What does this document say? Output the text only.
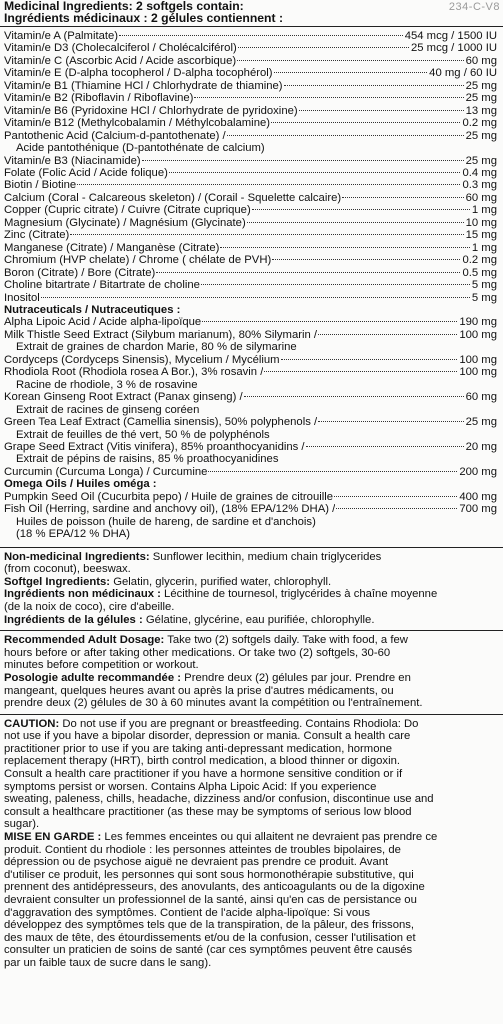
234-C-V8
Medicinal Ingredients: 2 softgels contain:
Ingrédients médicinaux : 2 gélules contiennent :
Vitamin/e A (Palmitate)	454 mcg / 1500 IU
Vitamin/e D3 (Cholecalciferol / Cholécalciférol)	25 mcg / 1000 IU
Vitamin/e C (Ascorbic Acid / Acide ascorbique)	60 mg
Vitamin/e E (D-alpha tocopherol / D-alpha tocophérol)	40 mg / 60 IU
Vitamin/e B1 (Thiamine HCl / Chlorhydrate de thiamine)	25 mg
Vitamin/e B2 (Riboflavin / Riboflavine)	25 mg
Vitamin/e B6 (Pyridoxine HCl / Chlorhydrate de pyridoxine)	13 mg
Vitamin/e B12 (Methylcobalamin / Méthylcobalamine)	0.2 mg
Pantothenic Acid (Calcium-d-pantothenate) /	25 mg
Acide pantothénique (D-pantothénate de calcium)
Vitamin/e B3 (Niacinamide)	25 mg
Folate (Folic Acid / Acide folique)	0.4 mg
Biotin / Biotine	0.3 mg
Calcium (Coral - Calcareous skeleton) / (Corail - Squelette calcaire)	60 mg
Copper (Cupric citrate) / Cuivre (Citrate cuprique)	1 mg
Magnesium (Glycinate) / Magnésium (Glycinate)	10 mg
Zinc (Citrate)	15 mg
Manganese (Citrate) / Manganèse (Citrate)	1 mg
Chromium (HVP chelate) / Chrome ( chélate de PVH)	0.2 mg
Boron (Citrate) / Bore (Citrate)	0.5 mg
Choline bitartrate / Bitartrate de choline	5 mg
Inositol	5 mg
Nutraceuticals / Nutraceutiques :
Alpha Lipoic Acid / Acide alpha-lipoïque	190 mg
Milk Thistle Seed Extract (Silybum marianum), 80% Silymarin /	100 mg
Extrait de graines de chardon Marie, 80 % de silymarine
Cordyceps (Cordyceps Sinensis), Mycelium / Mycélium	100 mg
Rhodiola Root (Rhodiola rosea A Bor.), 3% rosavin /	100 mg
Racine de rhodiole, 3 % de rosavine
Korean Ginseng Root Extract (Panax ginseng) /	60 mg
Extrait de racines de ginseng coréen
Green Tea Leaf Extract (Camellia sinensis), 50% polyphenols /	25 mg
Extrait de feuilles de thé vert, 50 % de polyphénols
Grape Seed Extract (Vitis vinifera), 85% proanthocyanidins /	20 mg
Extrait de pépins de raisins, 85 % proathocyanidines
Curcumin (Curcuma Longa) / Curcumine	200 mg
Omega Oils / Huiles oméga :
Pumpkin Seed Oil (Cucurbita pepo) / Huile de graines de citrouille	400 mg
Fish Oil (Herring, sardine and anchovy oil), (18% EPA/12% DHA) /	700 mg
Huiles de poisson (huile de hareng, de sardine et d'anchois)
(18 % EPA/12 % DHA)
Non-medicinal Ingredients: Sunflower lecithin, medium chain triglycerides
(from coconut), beeswax.
Softgel Ingredients: Gelatin, glycerin, purified water, chlorophyll.
Ingrédients non médicinaux : Lécithine de tournesol, triglycérides à chaîne moyenne
(de la noix de coco), cire d'abeille.
Ingrédients de la gélules : Gélatine, glycérine, eau purifiée, chlorophylle.
Recommended Adult Dosage: Take two (2) softgels daily. Take with food, a few
hours before or after taking other medications. Or take two (2) softgels, 30-60
minutes before competition or workout.
Posologie adulte recommandée : Prendre deux (2) gélules par jour. Prendre en
mangeant, quelques heures avant ou après la prise d'autres médicaments, ou
prendre deux (2) gélules de 30 à 60 minutes avant la compétition ou l'entraînement.
CAUTION: Do not use if you are pregnant or breastfeeding. Contains Rhodiola: Do
not use if you have a bipolar disorder, depression or mania. Consult a health care
practitioner prior to use if you are taking anti-depressant medication, hormone
replacement therapy (HRT), birth control medication, a blood thinner or digoxin.
Consult a health care practitioner if you have a hormone sensitive condition or if
symptoms persist or worsen. Contains Alpha Lipoic Acid: If you experience
sweating, paleness, chills, headache, dizziness and/or confusion, discontinue use and
consult a healthcare practitioner (as these may be symptoms of serious low blood
sugar).
MISE EN GARDE : Les femmes enceintes ou qui allaitent ne devraient pas prendre ce
produit. Contient du rhodiole : les personnes atteintes de troubles bipolaires, de
dépression ou de psychose aiguë ne devraient pas prendre ce produit. Avant
d'utiliser ce produit, les personnes qui sont sous hormonothérapie substitutive, qui
prennent des antidépresseurs, des anovulants, des anticoagulants ou de la digoxine
devraient consulter un professionnel de la santé, ainsi qu'en cas de persistance ou
d'aggravation des symptômes. Contient de l'acide alpha-lipoïque: Si vous
développez des symptômes tels que de la transpiration, de la pâleur, des frissons,
des maux de tête, des étourdissements et/ou de la confusion, cesser l'utilisation et
consulter un praticien de soins de santé (car ces symptômes peuvent être causés
par un faible taux de sucre dans le sang).
